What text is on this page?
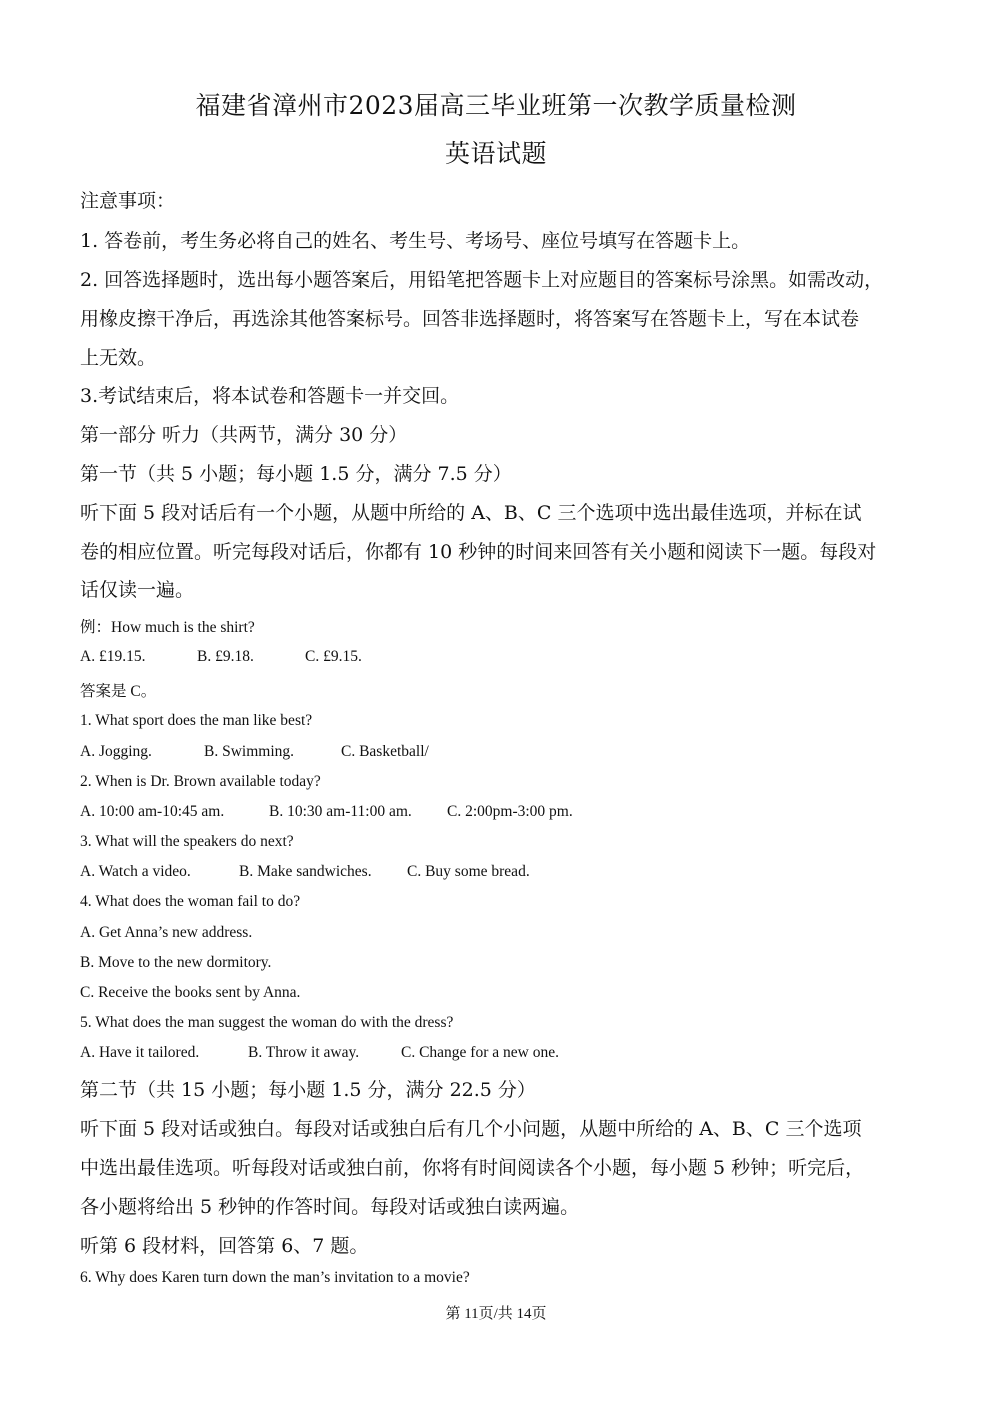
福建省漳州市2023届高三毕业班第一次教学质量检测
英语试题
注意事项：
1. 答卷前，考生务必将自己的姓名、考生号、考场号、座位号填写在答题卡上。
2. 回答选择题时，选出每小题答案后，用铅笔把答题卡上对应题目的答案标号涂黑。如需改动，
用橡皮擦干净后，再选涂其他答案标号。回答非选择题时，将答案写在答题卡上，写在本试卷
上无效。
3.考试结束后，将本试卷和答题卡一并交回。
第一部分 听力（共两节，满分 30 分）
第一节（共 5 小题；每小题 1.5 分，满分 7.5 分）
听下面 5 段对话后有一个小题，从题中所给的 A、B、C 三个选项中选出最佳选项，并标在试
卷的相应位置。听完每段对话后，你都有 10 秒钟的时间来回答有关小题和阅读下一题。每段对
话仅读一遍。
例：How much is the shirt?
A. £19.15.	B. £9.18.	C. £9.15.
答案是 C。
1. What sport does the man like best?
A. Jogging.	B. Swimming.	C. Basketball/
2. When is Dr. Brown available today?
A. 10:00 am-10:45 am.	B. 10:30 am-11:00 am. C. 2:00pm-3:00 pm.
3. What will the speakers do next?
A. Watch a video.	B. Make sandwiches. C. Buy some bread.
4. What does the woman fail to do?
A. Get Anna’s new address.
B. Move to the new dormitory.
C. Receive the books sent by Anna.
5. What does the man suggest the woman do with the dress?
A. Have it tailored.	B. Throw it away.	C. Change for a new one.
第二节（共 15 小题；每小题 1.5 分，满分 22.5 分）
听下面 5 段对话或独白。每段对话或独白后有几个小问题，从题中所给的 A、B、C 三个选项
中选出最佳选项。听每段对话或独白前，你将有时间阅读各个小题，每小题 5 秒钟；听完后，
各小题将给出 5 秒钟的作答时间。每段对话或独白读两遍。
听第 6 段材料，回答第 6、7 题。
6. Why does Karen turn down the man’s invitation to a movie?
第 11页/共 14页
